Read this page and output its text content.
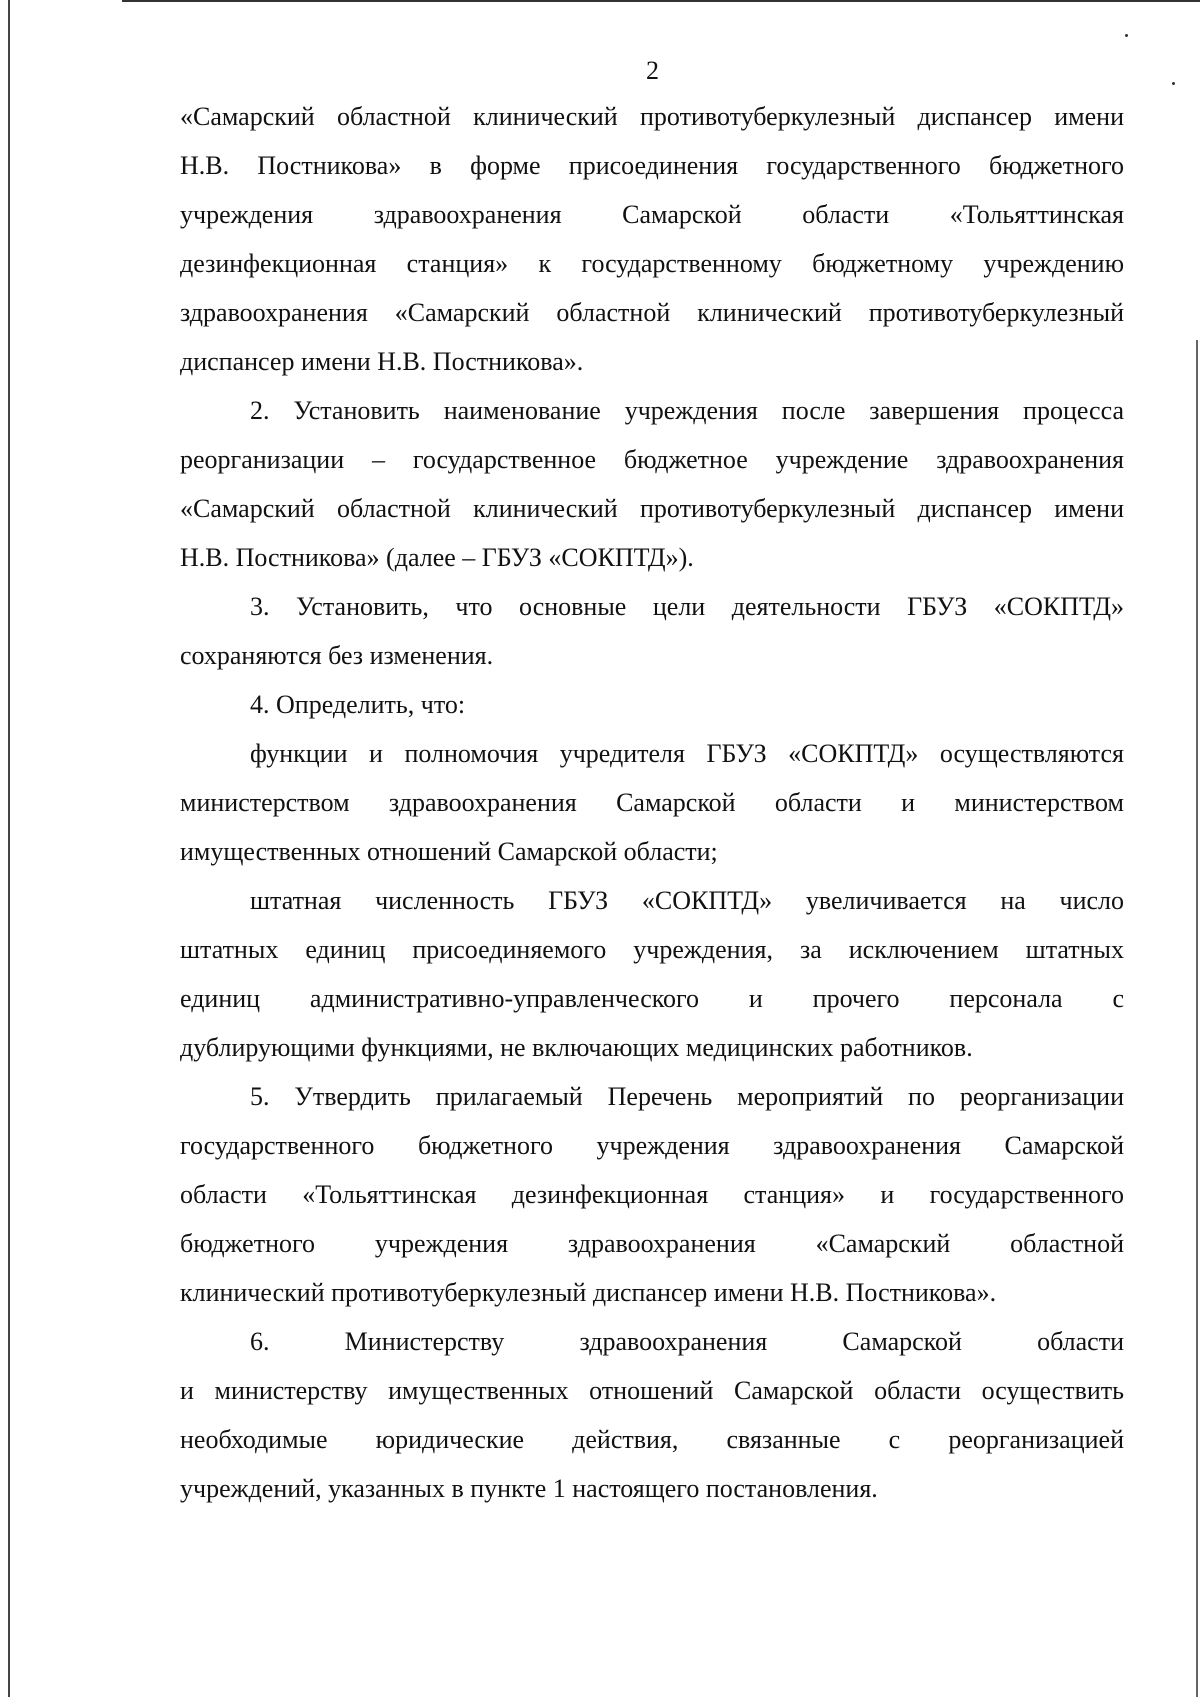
2
«Самарский областной клинический противотуберкулезный диспансер имени
Н.В. Постникова» в форме присоединения государственного бюджетного
учреждения здравоохранения Самарской области «Тольяттинская
дезинфекционная станция» к государственному бюджетному учреждению
здравоохранения «Самарский областной клинический противотуберкулезный
диспансер имени Н.В. Постникова».
2. Установить наименование учреждения после завершения процесса
реорганизации – государственное бюджетное учреждение здравоохранения
«Самарский областной клинический противотуберкулезный диспансер имени
Н.В. Постникова» (далее – ГБУЗ «СОКПТД»).
3. Установить, что основные цели деятельности ГБУЗ «СОКПТД»
сохраняются без изменения.
4. Определить, что:
функции и полномочия учредителя ГБУЗ «СОКПТД» осуществляются
министерством здравоохранения Самарской области и министерством
имущественных отношений Самарской области;
штатная численность ГБУЗ «СОКПТД» увеличивается на число
штатных единиц присоединяемого учреждения, за исключением штатных
единиц административно-управленческого и прочего персонала с
дублирующими функциями, не включающих медицинских работников.
5. Утвердить прилагаемый Перечень мероприятий по реорганизации
государственного бюджетного учреждения здравоохранения Самарской
области «Тольяттинская дезинфекционная станция» и государственного
бюджетного учреждения здравоохранения «Самарский областной
клинический противотуберкулезный диспансер имени Н.В. Постникова».
6. Министерству здравоохранения Самарской области
и министерству имущественных отношений Самарской области осуществить
необходимые юридические действия, связанные с реорганизацией
учреждений, указанных в пункте 1 настоящего постановления.
